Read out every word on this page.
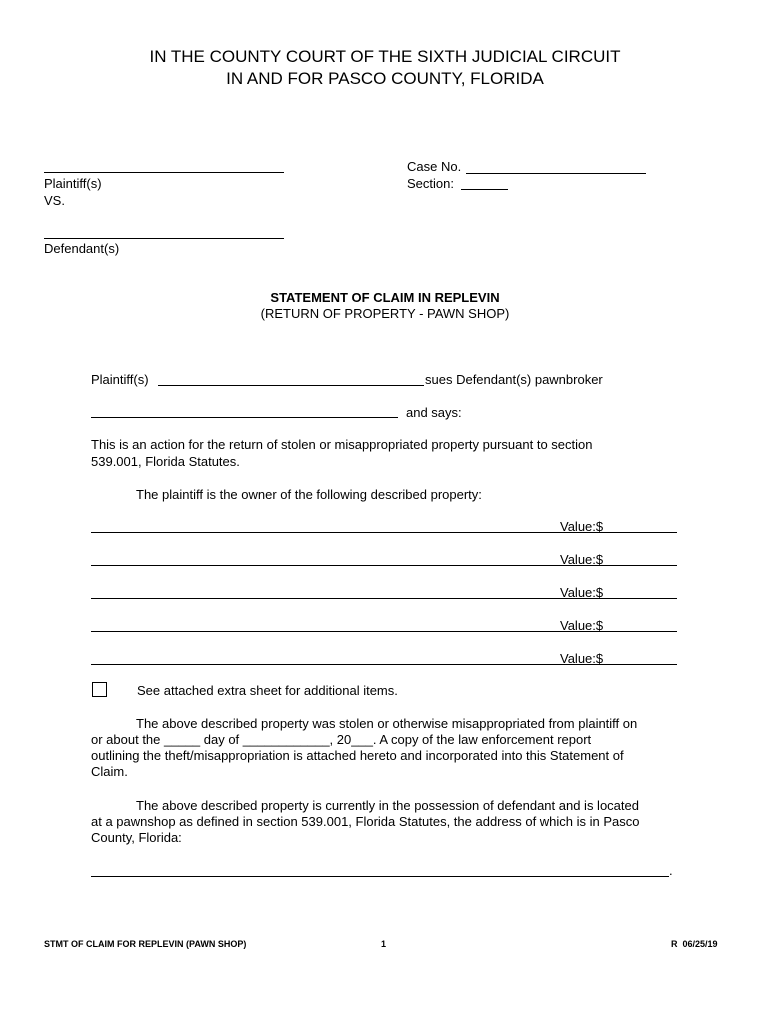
IN THE COUNTY COURT OF THE SIXTH JUDICIAL CIRCUIT
IN AND FOR PASCO COUNTY, FLORIDA
Plaintiff(s)
VS.
Defendant(s)
Case No.
Section:
STATEMENT OF CLAIM IN REPLEVIN
(RETURN OF PROPERTY - PAWN SHOP)
Plaintiff(s)	sues Defendant(s) pawnbroker
and says:
This is an action for the return of stolen or misappropriated property pursuant to section
539.001, Florida Statutes.
The plaintiff is the owner of the following described property:
Value:$
Value:$
Value:$
Value:$
Value:$
See attached extra sheet for additional items.
The above described property was stolen or otherwise misappropriated from plaintiff on
or about the _____ day of ____________, 20___. A copy of the law enforcement report
outlining the theft/misappropriation is attached hereto and incorporated into this Statement of
Claim.
The above described property is currently in the possession of defendant and is located
at a pawnshop as defined in section 539.001, Florida Statutes, the address of which is in Pasco
County, Florida:
.
STMT OF CLAIM FOR REPLEVIN (PAWN SHOP)	1	R  06/25/19
